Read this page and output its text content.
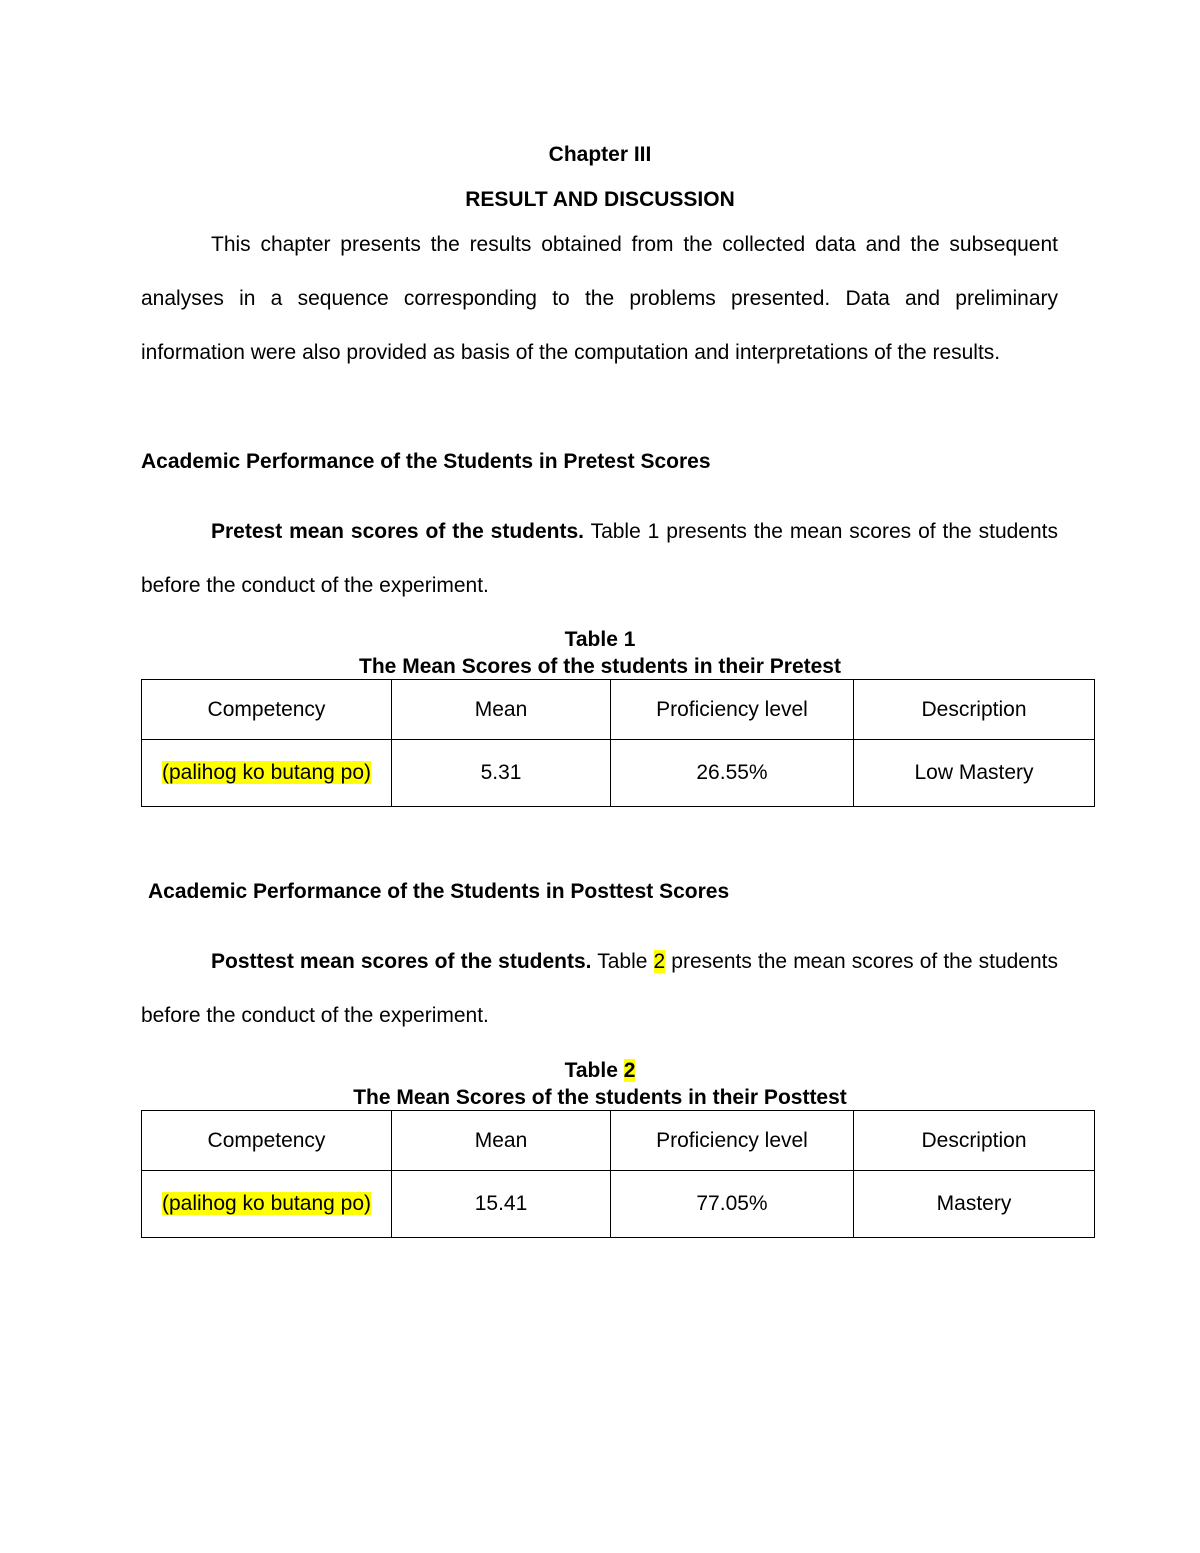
Chapter III
RESULT AND DISCUSSION

This chapter presents the results obtained from the collected data and the subsequent analyses in a sequence corresponding to the problems presented. Data and preliminary information were also provided as basis of the computation and interpretations of the results.

Academic Performance of the Students in Pretest Scores

Pretest mean scores of the students. Table 1 presents the mean scores of the students before the conduct of the experiment.

Table 1
The Mean Scores of the students in their Pretest
Competency	Mean	Proficiency level	Description
(palihog ko butang po)	5.31	26.55%	Low Mastery
Academic Performance of the Students in Posttest Scores

Posttest mean scores of the students. Table 2 presents the mean scores of the students before the conduct of the experiment.

Table 2
The Mean Scores of the students in their Posttest
Competency	Mean	Proficiency level	Description
(palihog ko butang po)	15.41	77.05%	Mastery
